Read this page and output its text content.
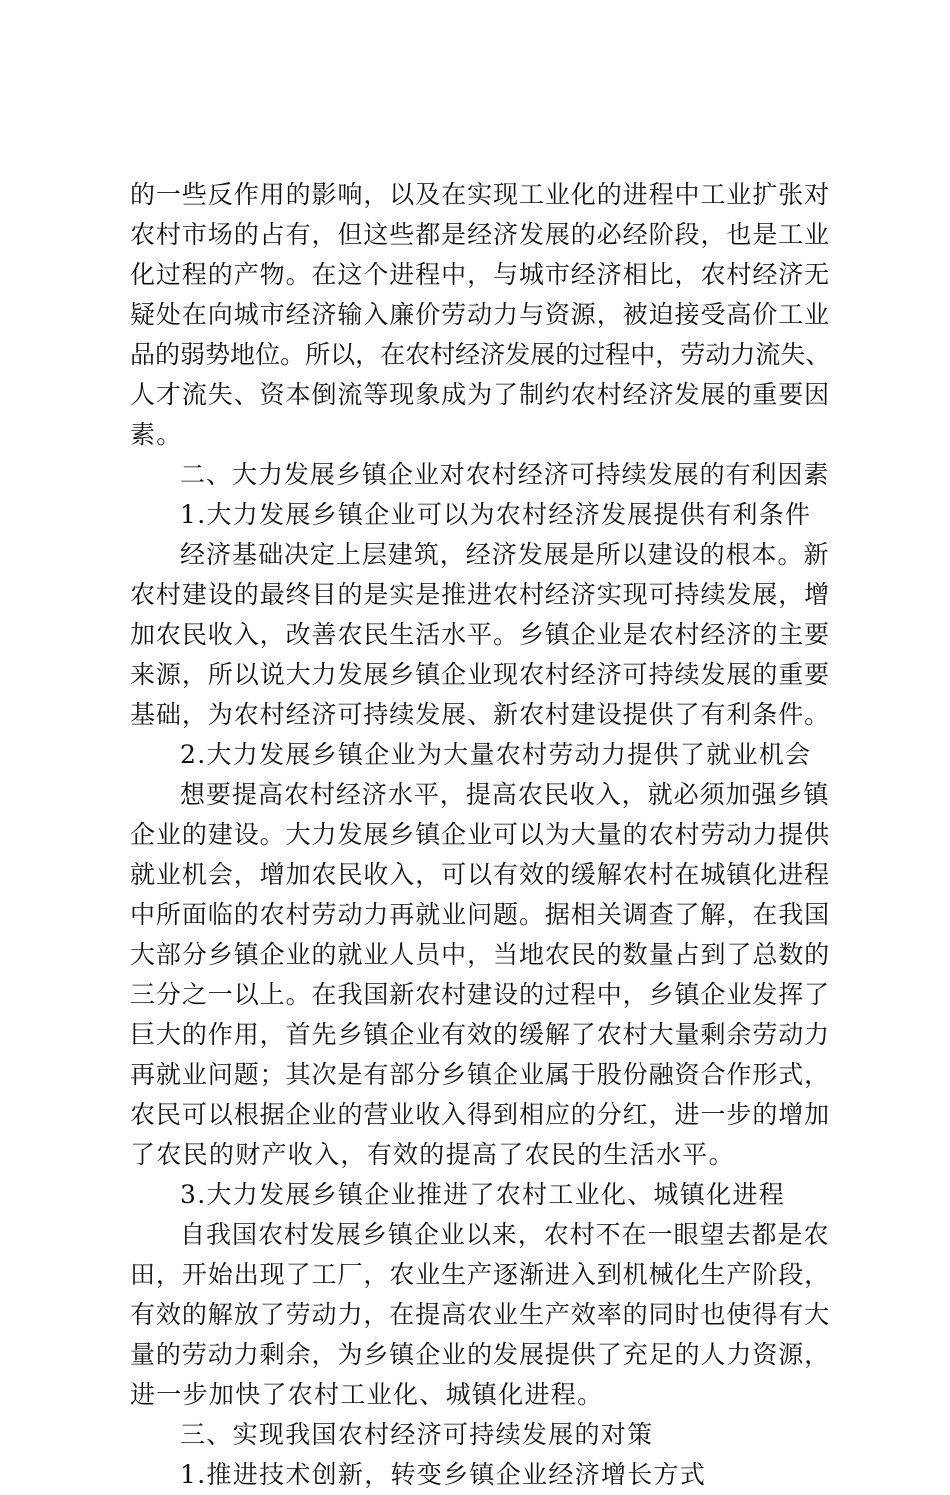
的一些反作用的影响，以及在实现工业化的进程中工业扩张对
农村市场的占有，但这些都是经济发展的必经阶段，也是工业
化过程的产物。在这个进程中，与城市经济相比，农村经济无
疑处在向城市经济输入廉价劳动力与资源，被迫接受高价工业
品的弱势地位。所以，在农村经济发展的过程中，劳动力流失、
人才流失、资本倒流等现象成为了制约农村经济发展的重要因
素。
二、大力发展乡镇企业对农村经济可持续发展的有利因素
1.大力发展乡镇企业可以为农村经济发展提供有利条件
经济基础决定上层建筑，经济发展是所以建设的根本。新
农村建设的最终目的是实是推进农村经济实现可持续发展，增
加农民收入，改善农民生活水平。乡镇企业是农村经济的主要
来源，所以说大力发展乡镇企业现农村经济可持续发展的重要
基础，为农村经济可持续发展、新农村建设提供了有利条件。
2.大力发展乡镇企业为大量农村劳动力提供了就业机会
想要提高农村经济水平，提高农民收入，就必须加强乡镇
企业的建设。大力发展乡镇企业可以为大量的农村劳动力提供
就业机会，增加农民收入，可以有效的缓解农村在城镇化进程
中所面临的农村劳动力再就业问题。据相关调查了解，在我国
大部分乡镇企业的就业人员中，当地农民的数量占到了总数的
三分之一以上。在我国新农村建设的过程中，乡镇企业发挥了
巨大的作用，首先乡镇企业有效的缓解了农村大量剩余劳动力
再就业问题；其次是有部分乡镇企业属于股份融资合作形式，
农民可以根据企业的营业收入得到相应的分红，进一步的增加
了农民的财产收入，有效的提高了农民的生活水平。
3.大力发展乡镇企业推进了农村工业化、城镇化进程
自我国农村发展乡镇企业以来，农村不在一眼望去都是农
田，开始出现了工厂，农业生产逐渐进入到机械化生产阶段，
有效的解放了劳动力，在提高农业生产效率的同时也使得有大
量的劳动力剩余，为乡镇企业的发展提供了充足的人力资源，
进一步加快了农村工业化、城镇化进程。
三、实现我国农村经济可持续发展的对策
1.推进技术创新，转变乡镇企业经济增长方式
